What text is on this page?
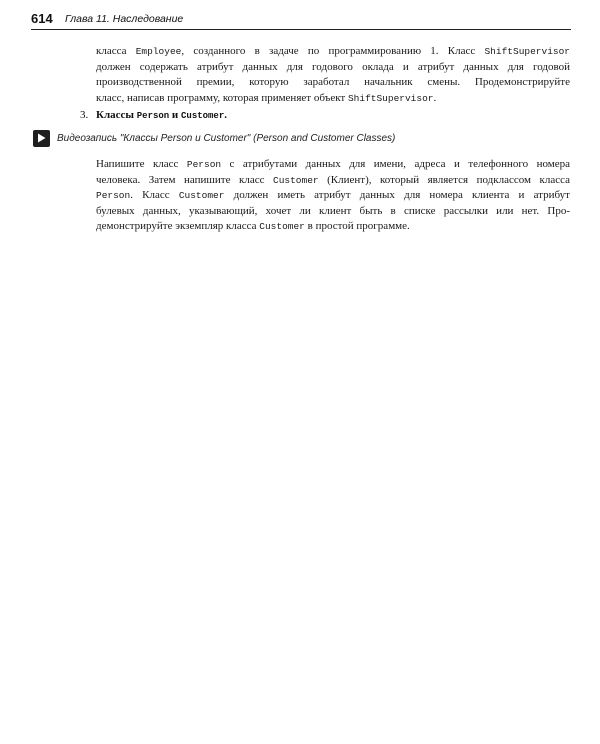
614 Глава 11. Наследование
класса Employee, созданного в задаче по программированию 1. Класс ShiftSupervisor
должен содержать атрибут данных для годового оклада и атрибут данных для годовой
производственной премии, которую заработал начальник смены. Продемонстрируйте
класс, написав программу, которая применяет объект ShiftSupervisor.
3. Классы Person и Customer.
Видеозапись "Классы Person и Customer" (Person and Customer Classes)
Напишите класс Person с атрибутами данных для имени, адреса и телефонного номера
человека. Затем напишите класс Customer (Клиент), который является подклассом класса
Person. Класс Customer должен иметь атрибут данных для номера клиента и атрибут
булевых данных, указывающий, хочет ли клиент быть в списке рассылки или нет. Про-
демонстрируйте экземпляр класса Customer в простой программе.
